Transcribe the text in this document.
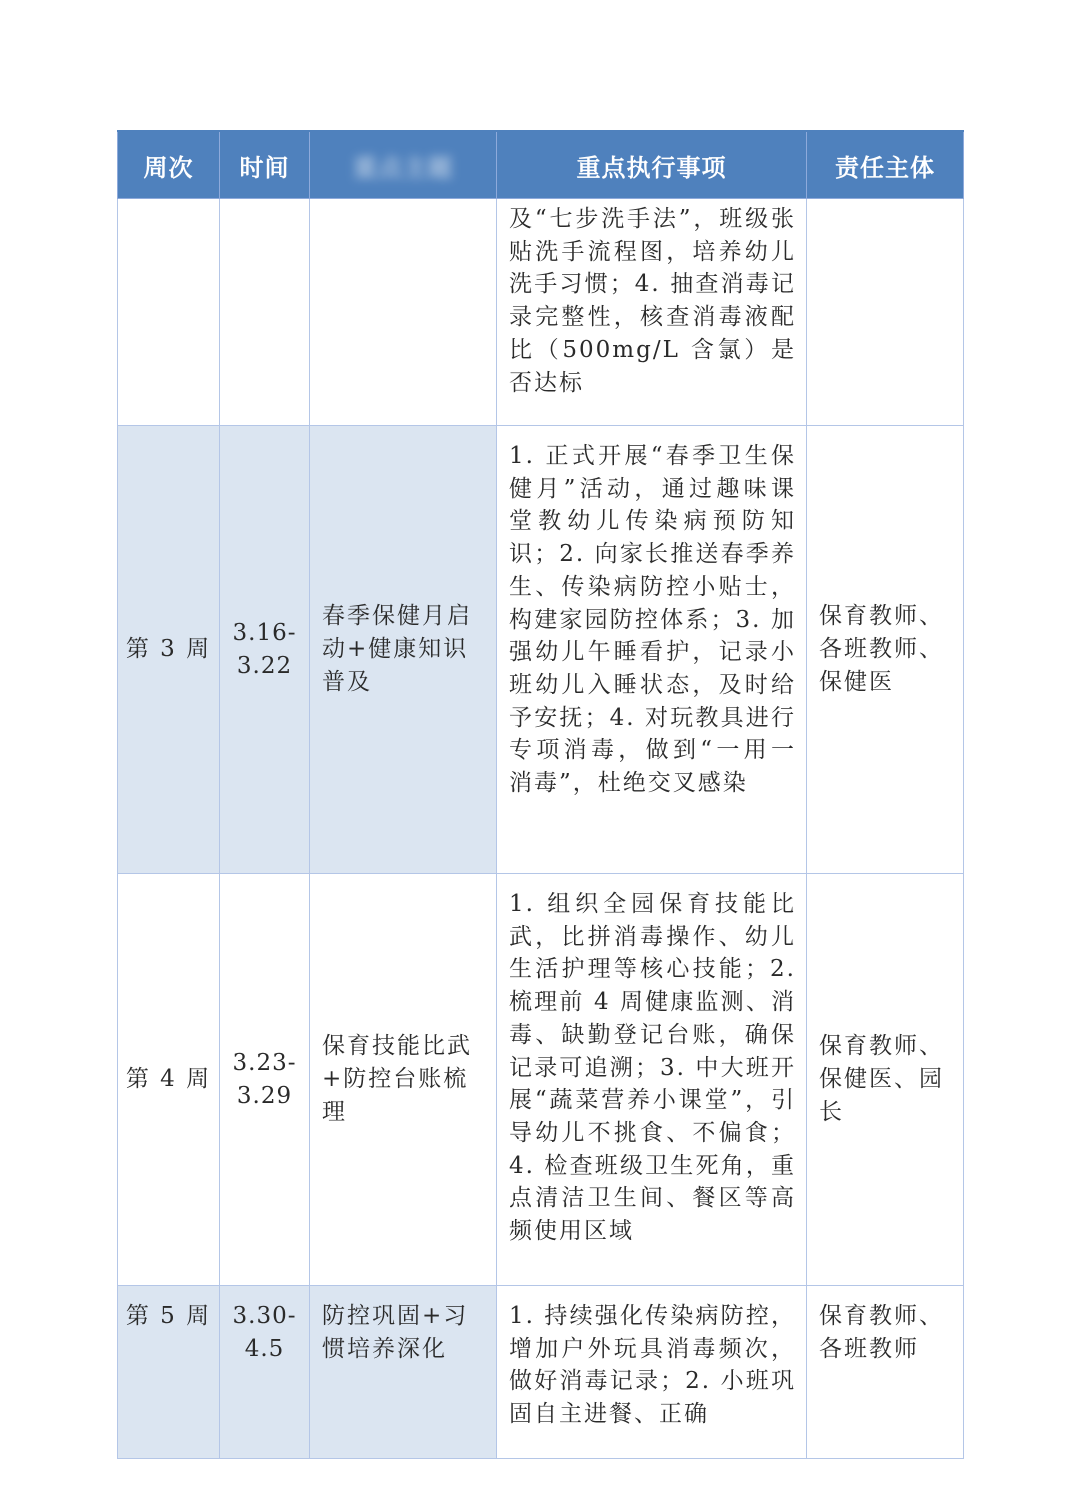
周次	时间	重点主题	重点执行事项	责任主体
			及“七步洗手法”，班级张贴洗手流程图，培养幼儿洗手习惯；4. 抽查消毒记录完整性，核查消毒液配比（500mg/L 含氯）是否达标	
第 3 周	3.16-3.22	春季保健月启动+健康知识普及	1. 正式开展“春季卫生保健月”活动，通过趣味课堂教幼儿传染病预防知识；2. 向家长推送春季养生、传染病防控小贴士，构建家园防控体系；3. 加强幼儿午睡看护，记录小班幼儿入睡状态，及时给予安抚；4. 对玩教具进行专项消毒，做到“一用一消毒”，杜绝交叉感染	保育教师、各班教师、保健医
第 4 周	3.23-3.29	保育技能比武+防控台账梳理	1. 组织全园保育技能比武，比拼消毒操作、幼儿生活护理等核心技能；2. 梳理前 4 周健康监测、消毒、缺勤登记台账，确保记录可追溯；3. 中大班开展“蔬菜营养小课堂”，引导幼儿不挑食、不偏食；4. 检查班级卫生死角，重点清洁卫生间、餐区等高频使用区域	保育教师、保健医、园长
第 5 周	3.30-4.5	防控巩固+习惯培养深化	1. 持续强化传染病防控，增加户外玩具消毒频次，做好消毒记录；2. 小班巩固自主进餐、正确	保育教师、各班教师
